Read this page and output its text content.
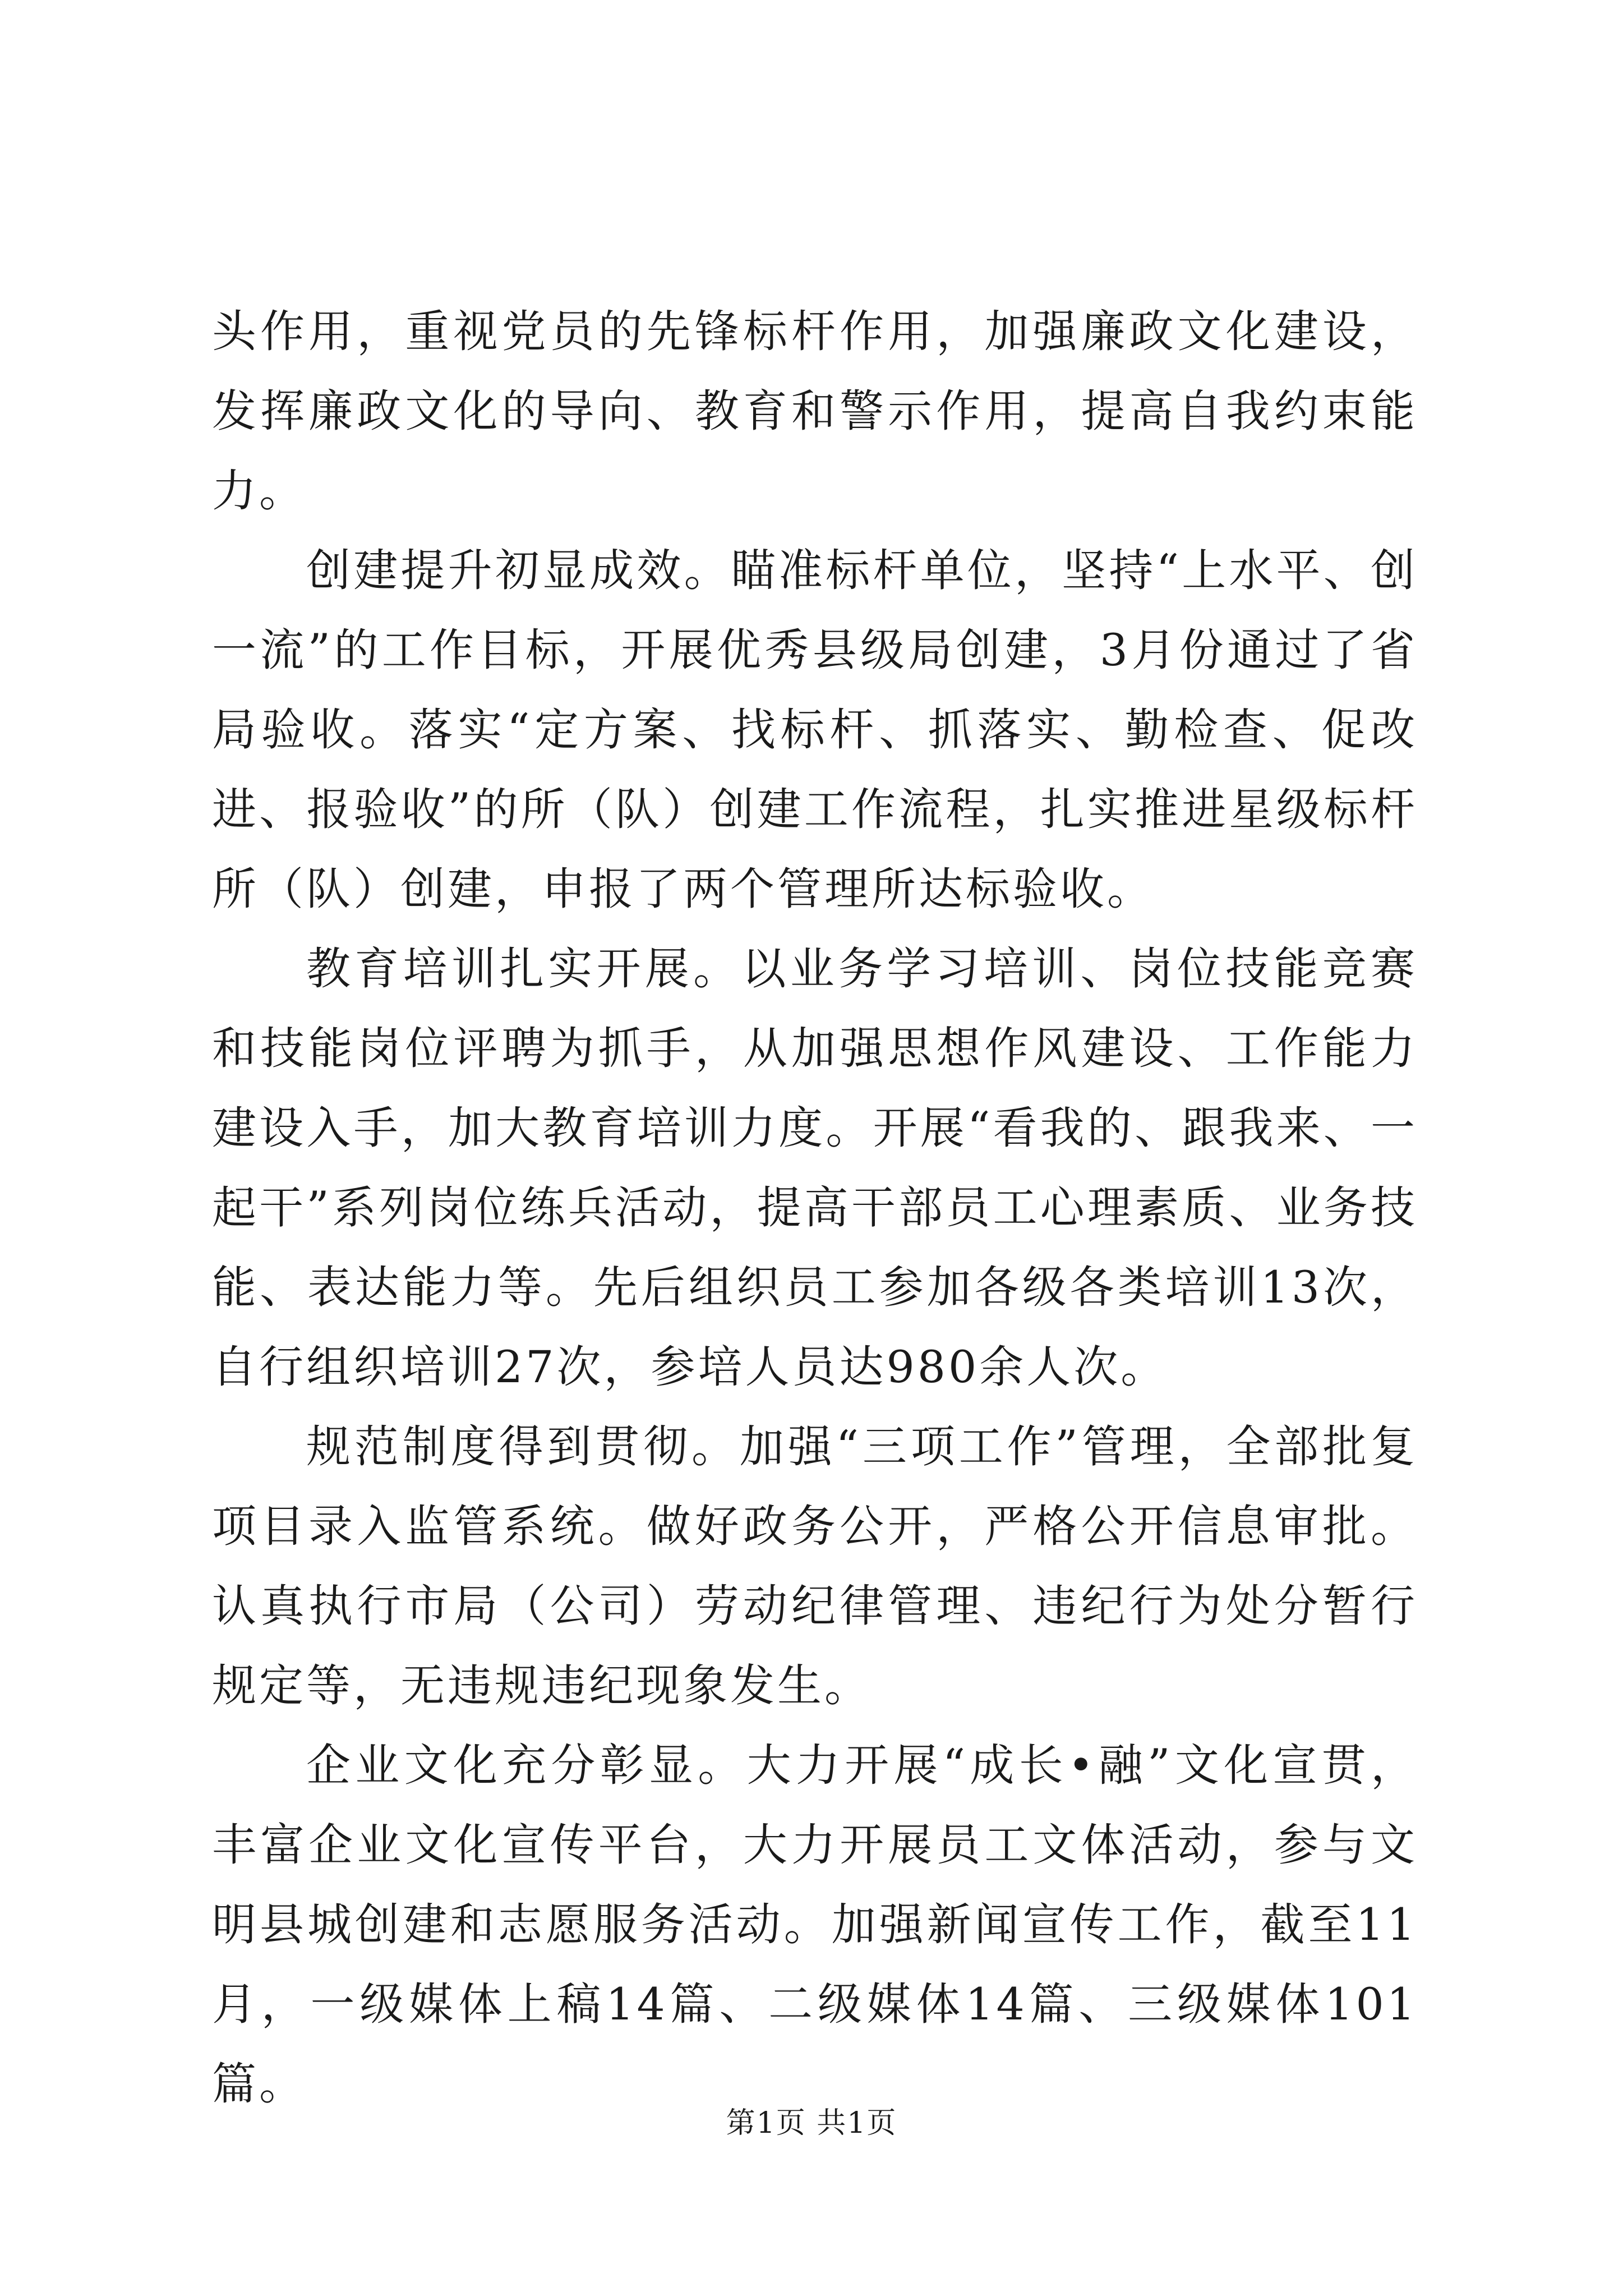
头作用，重视党员的先锋标杆作用，加强廉政文化建设，发挥廉政文化的导向、教育和警示作用，提高自我约束能力。

创建提升初显成效。瞄准标杆单位，坚持“上水平、创一流”的工作目标，开展优秀县级局创建，3月份通过了省局验收。落实“定方案、找标杆、抓落实、勤检查、促改进、报验收”的所（队）创建工作流程，扎实推进星级标杆所（队）创建，申报了两个管理所达标验收。

教育培训扎实开展。以业务学习培训、岗位技能竞赛和技能岗位评聘为抓手，从加强思想作风建设、工作能力建设入手，加大教育培训力度。开展“看我的、跟我来、一起干”系列岗位练兵活动，提高干部员工心理素质、业务技能、表达能力等。先后组织员工参加各级各类培训13次，自行组织培训27次，参培人员达980余人次。

规范制度得到贯彻。加强“三项工作”管理，全部批复项目录入监管系统。做好政务公开，严格公开信息审批。认真执行市局（公司）劳动纪律管理、违纪行为处分暂行规定等，无违规违纪现象发生。

企业文化充分彰显。大力开展“成长•融”文化宣贯，丰富企业文化宣传平台，大力开展员工文体活动，参与文明县城创建和志愿服务活动。加强新闻宣传工作，截至11月，一级媒体上稿14篇、二级媒体14篇、三级媒体101篇。

第1页 共1页
